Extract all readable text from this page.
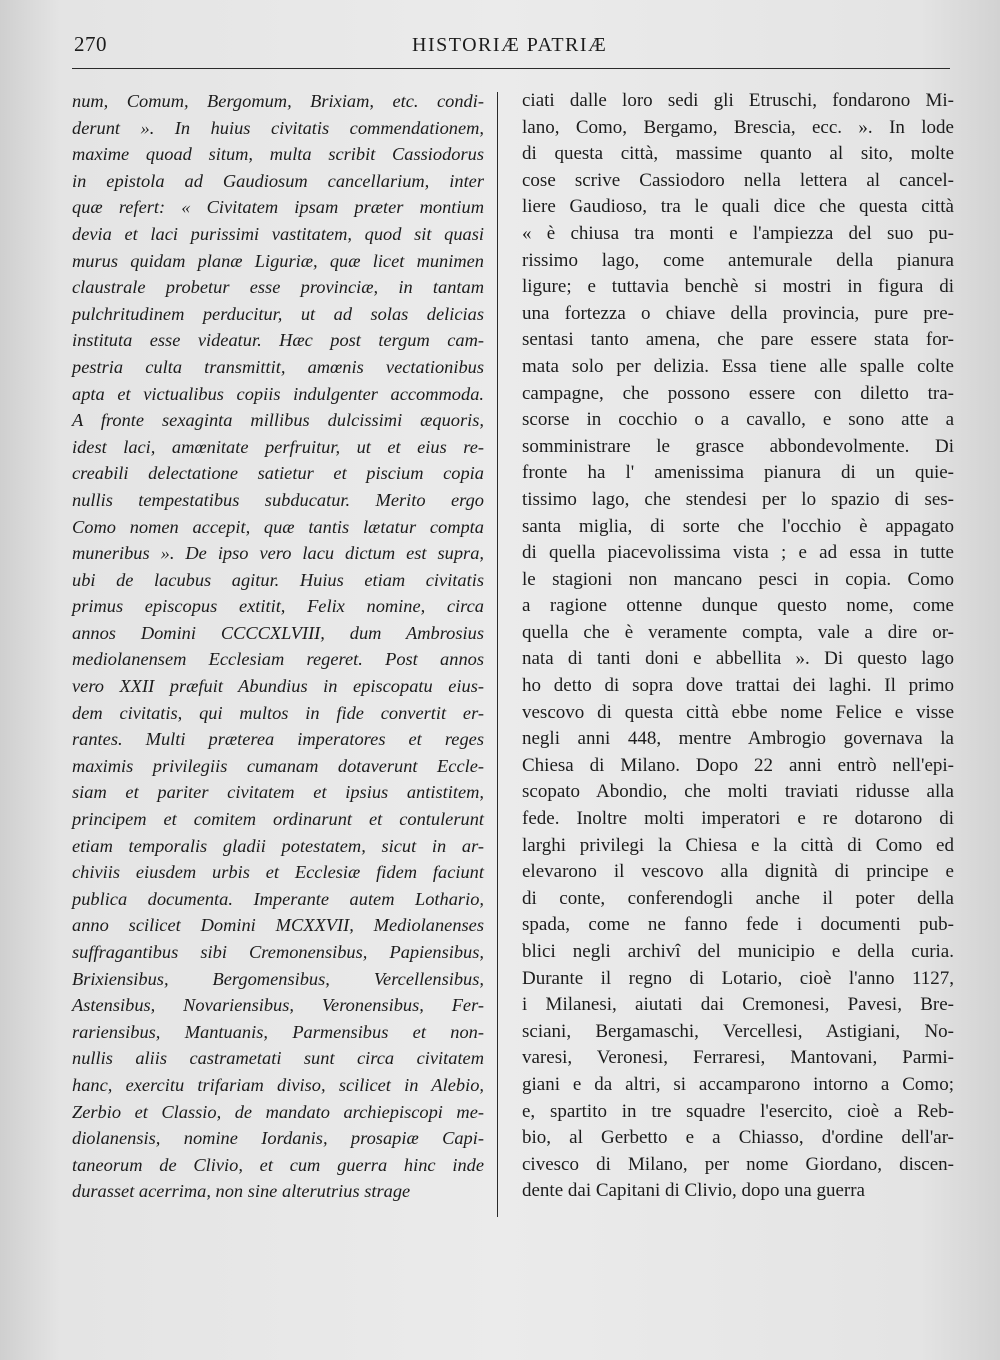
270	HISTORIÆ PATRIÆ
num, Comum, Bergomum, Brixiam, etc. condi-
derunt ». In huius civitatis commendationem,
maxime quoad situm, multa scribit Cassiodorus
in epistola ad Gaudiosum cancellarium, inter
quæ refert: « Civitatem ipsam præter montium
devia et laci purissimi vastitatem, quod sit quasi
murus quidam planæ Liguriæ, quæ licet munimen
claustrale probetur esse provinciæ, in tantam
pulchritudinem perducitur, ut ad solas delicias
instituta esse videatur. Hæc post tergum cam-
pestria culta transmittit, amœnis vectationibus
apta et victualibus copiis indulgenter accommoda.
A fronte sexaginta millibus dulcissimi æquoris,
idest laci, amœnitate perfruitur, ut et eius re-
creabili delectatione satietur et piscium copia
nullis tempestatibus subducatur. Merito ergo
Como nomen accepit, quæ tantis lætatur compta
muneribus ». De ipso vero lacu dictum est supra,
ubi de lacubus agitur. Huius etiam civitatis
primus episcopus extitit, Felix nomine, circa
annos Domini CCCCXLVIII, dum Ambrosius
mediolanensem Ecclesiam regeret. Post annos
vero XXII præfuit Abundius in episcopatu eius-
dem civitatis, qui multos in fide convertit er-
rantes. Multi præterea imperatores et reges
maximis privilegiis cumanam dotaverunt Eccle-
siam et pariter civitatem et ipsius antistitem,
principem et comitem ordinarunt et contulerunt
etiam temporalis gladii potestatem, sicut in ar-
chiviis eiusdem urbis et Ecclesiæ fidem faciunt
publica documenta. Imperante autem Lothario,
anno scilicet Domini MCXXVII, Mediolanenses
suffragantibus sibi Cremonensibus, Papiensibus,
Brixiensibus, Bergomensibus, Vercellensibus,
Astensibus, Novariensibus, Veronensibus, Fer-
rariensibus, Mantuanis, Parmensibus et non-
nullis aliis castrametati sunt circa civitatem
hanc, exercitu trifariam diviso, scilicet in Alebio,
Zerbio et Classio, de mandato archiepiscopi me-
diolanensis, nomine Iordanis, prosapiæ Capi-
taneorum de Clivio, et cum guerra hinc inde
durasset acerrima, non sine alterutrius strage
ciati dalle loro sedi gli Etruschi, fondarono Mi-
lano, Como, Bergamo, Brescia, ecc. ». In lode
di questa città, massime quanto al sito, molte
cose scrive Cassiodoro nella lettera al cancel-
liere Gaudioso, tra le quali dice che questa città
« è chiusa tra monti e l'ampiezza del suo pu-
rissimo lago, come antemurale della pianura
ligure; e tuttavia benchè si mostri in figura di
una fortezza o chiave della provincia, pure pre-
sentasi tanto amena, che pare essere stata for-
mata solo per delizia. Essa tiene alle spalle colte
campagne, che possono essere con diletto tra-
scorse in cocchio o a cavallo, e sono atte a
somministrare le grasce abbondevolmente. Di
fronte ha l' amenissima pianura di un quie-
tissimo lago, che stendesi per lo spazio di ses-
santa miglia, di sorte che l'occhio è appagato
di quella piacevolissima vista ; e ad essa in tutte
le stagioni non mancano pesci in copia. Como
a ragione ottenne dunque questo nome, come
quella che è veramente compta, vale a dire or-
nata di tanti doni e abbellita ». Di questo lago
ho detto di sopra dove trattai dei laghi. Il primo
vescovo di questa città ebbe nome Felice e visse
negli anni 448, mentre Ambrogio governava la
Chiesa di Milano. Dopo 22 anni entrò nell'epi-
scopato Abondio, che molti traviati ridusse alla
fede. Inoltre molti imperatori e re dotarono di
larghi privilegi la Chiesa e la città di Como ed
elevarono il vescovo alla dignità di principe e
di conte, conferendogli anche il poter della
spada, come ne fanno fede i documenti pub-
blici negli archivî del municipio e della curia.
Durante il regno di Lotario, cioè l'anno 1127,
i Milanesi, aiutati dai Cremonesi, Pavesi, Bre-
sciani, Bergamaschi, Vercellesi, Astigiani, No-
varesi, Veronesi, Ferraresi, Mantovani, Parmi-
giani e da altri, si accamparono intorno a Como;
e, spartito in tre squadre l'esercito, cioè a Reb-
bio, al Gerbetto e a Chiasso, d'ordine dell'ar-
civesco di Milano, per nome Giordano, discen-
dente dai Capitani di Clivio, dopo una guerra
